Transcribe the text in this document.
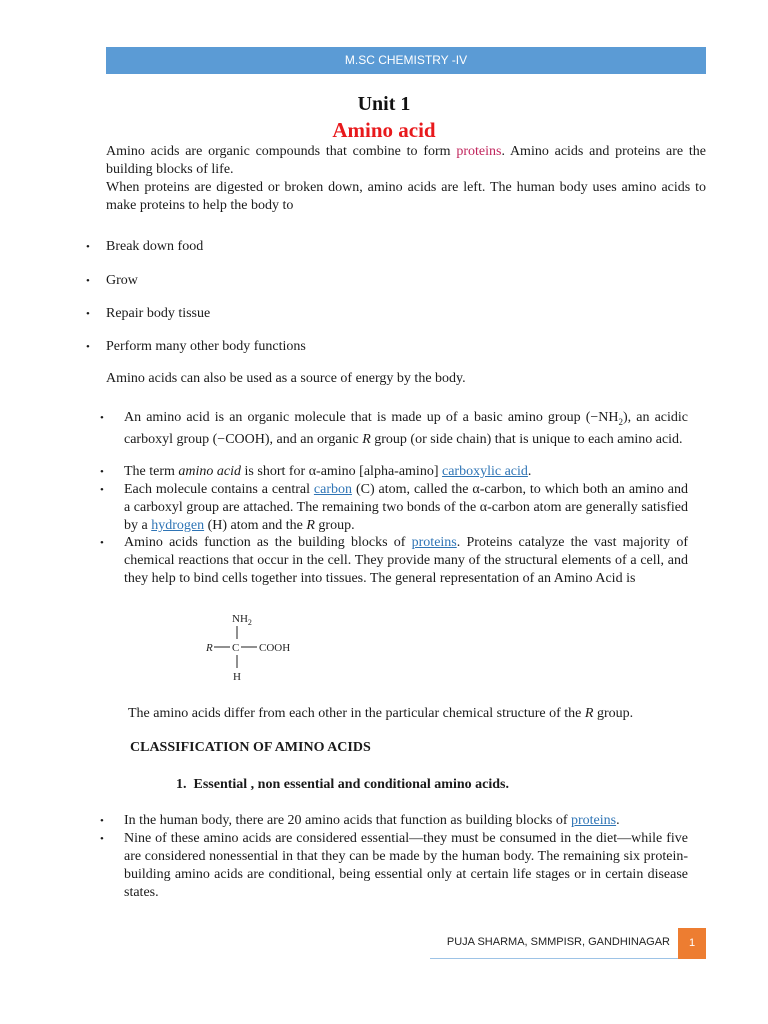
M.SC CHEMISTRY -IV
Unit 1
Amino acid
Amino acids are organic compounds that combine to form proteins. Amino acids and proteins are the building blocks of life.
When proteins are digested or broken down, amino acids are left. The human body uses amino acids to make proteins to help the body to
• Break down food
• Grow
• Repair body tissue
• Perform many other body functions
Amino acids can also be used as a source of energy by the body.
• An amino acid is an organic molecule that is made up of a basic amino group $(-NH_2)$, an acidic carboxyl group (−COOH), and an organic R group (or side chain) that is unique to each amino acid.
• The term amino acid is short for α-amino [alpha-amino] carboxylic acid.
• Each molecule contains a central carbon (C) atom, called the α-carbon, to which both an amino and a carboxyl group are attached. The remaining two bonds of the α-carbon atom are generally satisfied by a hydrogen (H) atom and the R group.
• Amino acids function as the building blocks of proteins. Proteins catalyze the vast majority of chemical reactions that occur in the cell. They provide many of the structural elements of a cell, and they help to bind cells together into tissues. The general representation of an Amino Acid is
$NH_2$
R C COOH
H
The amino acids differ from each other in the particular chemical structure of the R group.
CLASSIFICATION OF AMINO ACIDS
1.  Essential , non essential and conditional amino acids.
• In the human body, there are 20 amino acids that function as building blocks of proteins.
• Nine of these amino acids are considered essential—they must be consumed in the diet—while five are considered nonessential in that they can be made by the human body. The remaining six protein-building amino acids are conditional, being essential only at certain life stages or in certain disease states.
PUJA SHARMA, SMMPISR, GANDHINAGAR	1
